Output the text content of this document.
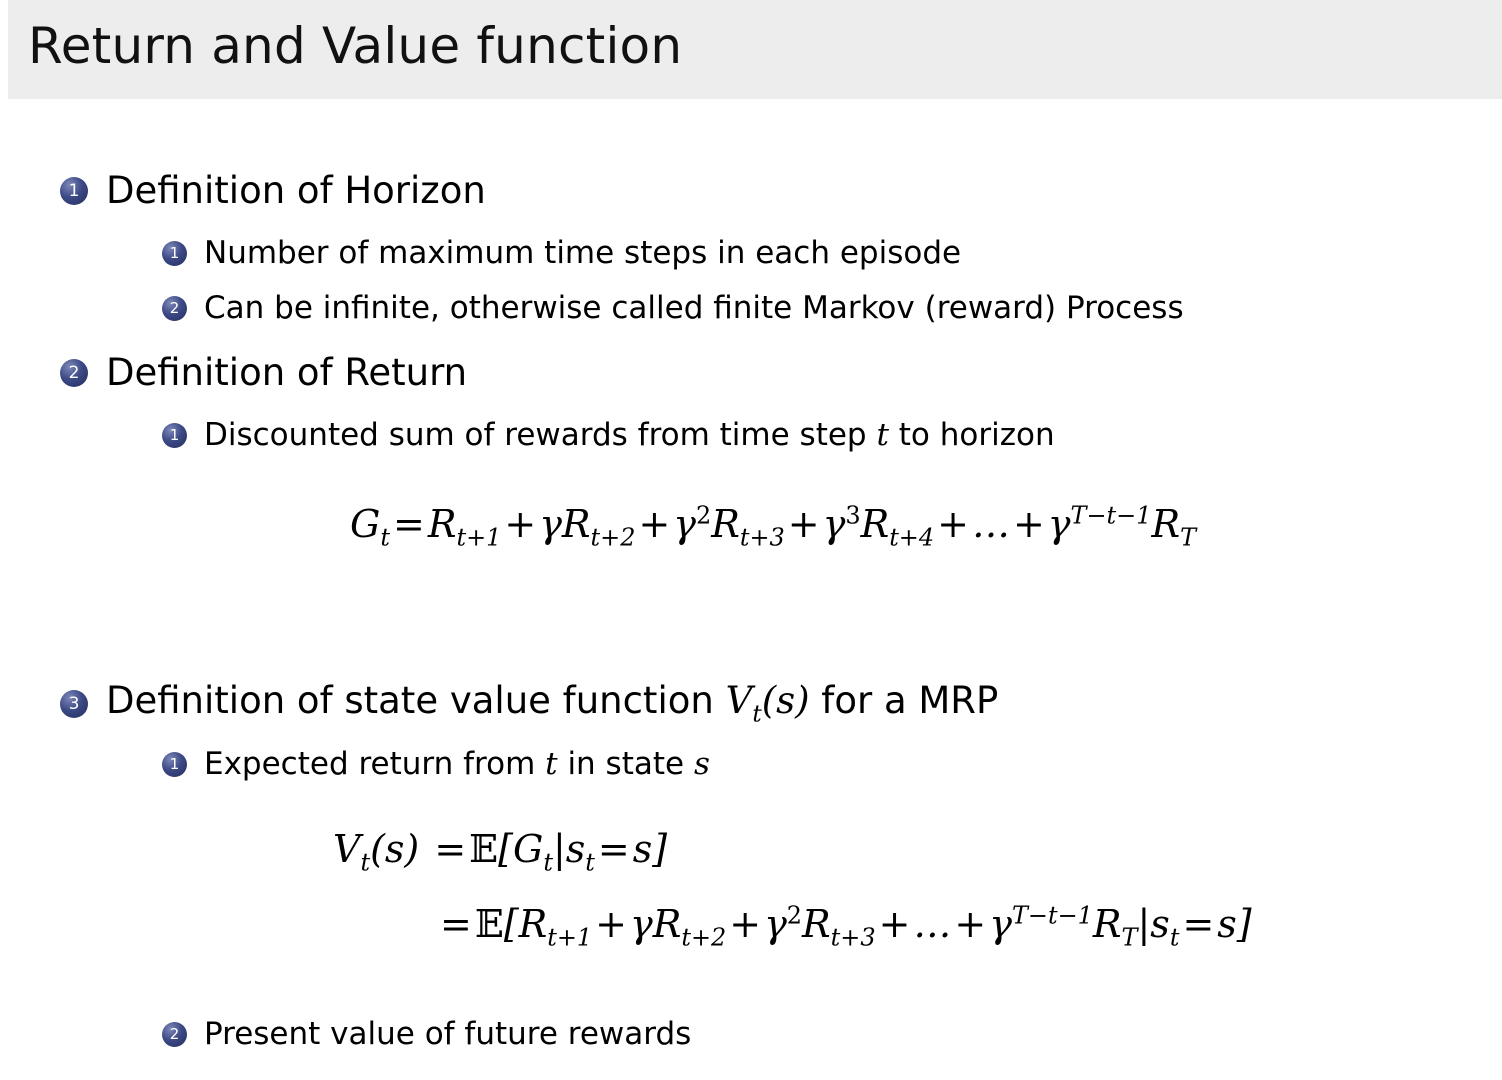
Return and Value function
1 Definition of Horizon
1 Number of maximum time steps in each episode
2 Can be infinite, otherwise called finite Markov (reward) Process
2 Definition of Return
1 Discounted sum of rewards from time step t to horizon
$G_t=R_{t+1}+\gamma R_{t+2}+\gamma^2R_{t+3}+\gamma^3R_{t+4}+\dots+\gamma^{T-t-1}R_T$
3 Definition of state value function $V_t(s)$ for a MRP
1 Expected return from t in state s
$V_t(s)$ $=𝔼[G_t|s_t=s]$
$=𝔼[R_{t+1}+\gamma R_{t+2}+\gamma^2R_{t+3}+\dots+\gamma^{T-t-1}R_T|s_t=s]$
2 Present value of future rewards
